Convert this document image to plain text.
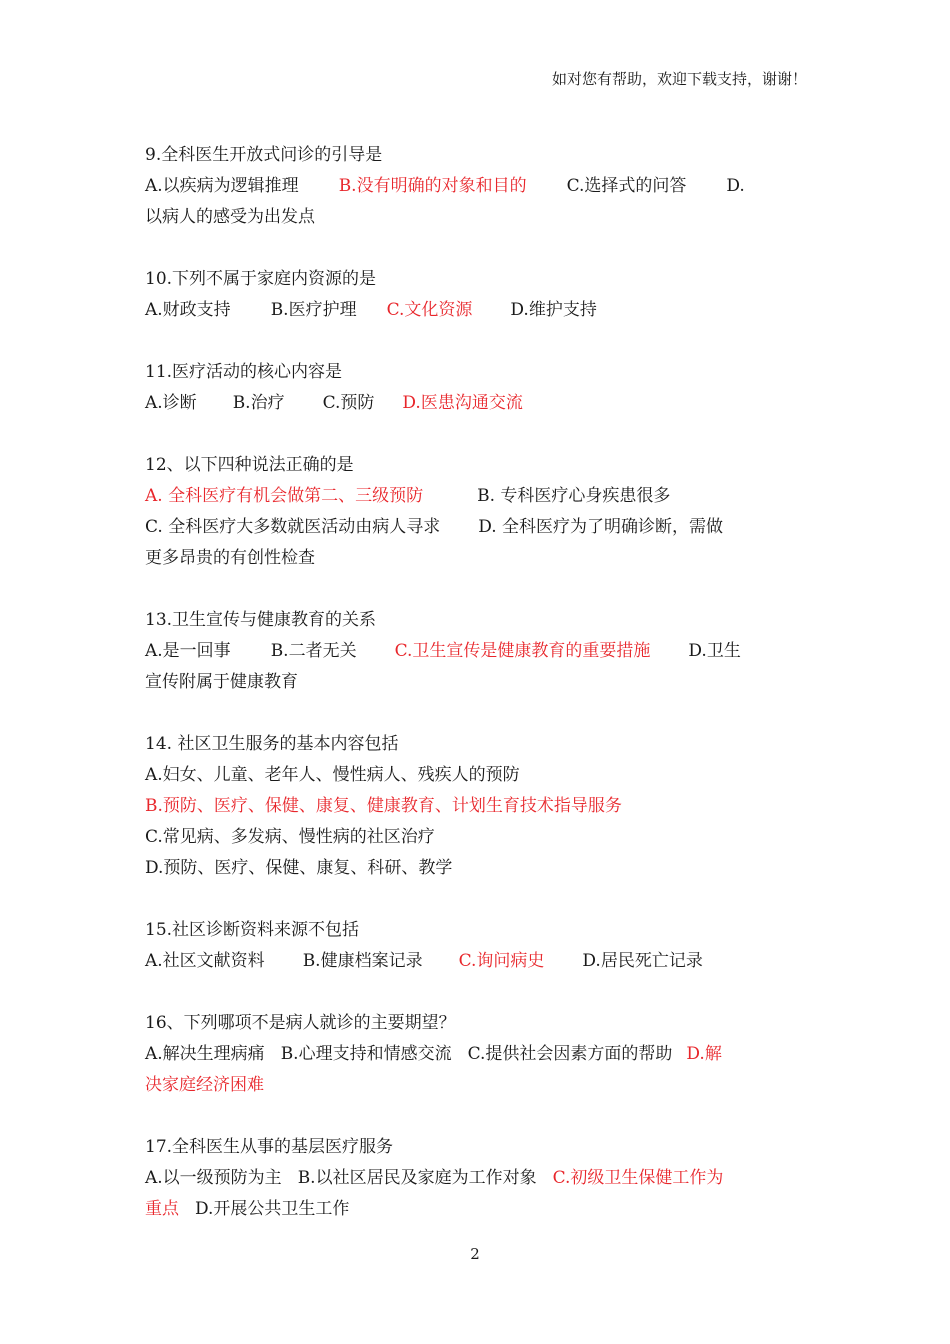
如对您有帮助，欢迎下载支持，谢谢！
9.全科医生开放式问诊的引导是
A.以疾病为逻辑推理 B.没有明确的对象和目的 C.选择式的问答 D.
以病人的感受为出发点
10.下列不属于家庭内资源的是
A.财政支持 B.医疗护理 C.文化资源 D.维护支持
11.医疗活动的核心内容是
A.诊断 B.治疗 C.预防 D.医患沟通交流
12、以下四种说法正确的是
A. 全科医疗有机会做第二、三级预防	B. 专科医疗心身疾患很多
C. 全科医疗大多数就医活动由病人寻求 D. 全科医疗为了明确诊断，需做
更多昂贵的有创性检查
13.卫生宣传与健康教育的关系
A.是一回事 B.二者无关 C.卫生宣传是健康教育的重要措施 D.卫生
宣传附属于健康教育
14. 社区卫生服务的基本内容包括
A.妇女、儿童、老年人、慢性病人、残疾人的预防
B.预防、医疗、保健、康复、健康教育、计划生育技术指导服务
C.常见病、多发病、慢性病的社区治疗
D.预防、医疗、保健、康复、科研、教学
15.社区诊断资料来源不包括
A.社区文献资料 B.健康档案记录 C.询问病史 D.居民死亡记录
16、下列哪项不是病人就诊的主要期望？
A.解决生理病痛 B.心理支持和情感交流 C.提供社会因素方面的帮助 D.解
决家庭经济困难
17.全科医生从事的基层医疗服务
A.以一级预防为主 B.以社区居民及家庭为工作对象 C.初级卫生保健工作为
重点 D.开展公共卫生工作
2
